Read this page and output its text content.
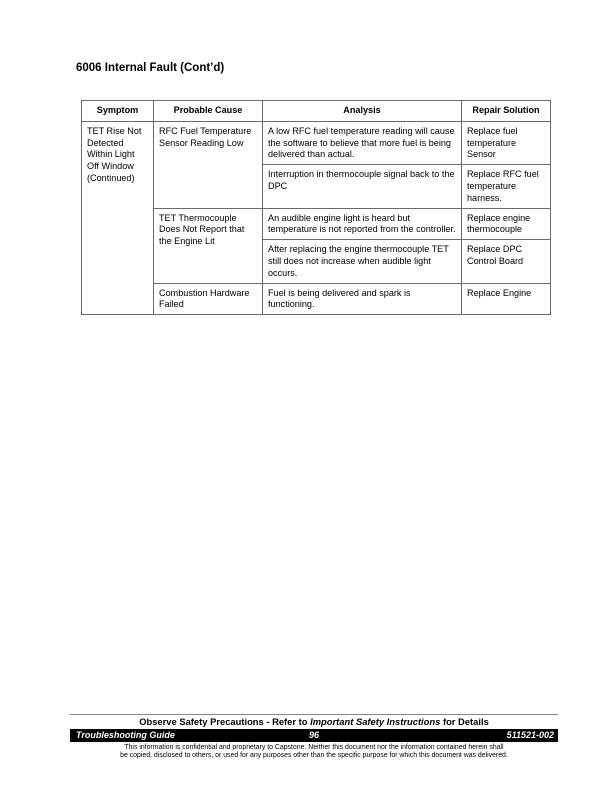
6006 Internal Fault (Cont’d)
Symptom	Probable Cause	Analysis	Repair Solution
TET Rise Not Detected Within Light Off Window (Continued)	RFC Fuel Temperature Sensor Reading Low	A low RFC fuel temperature reading will cause the software to believe that more fuel is being delivered than actual.	Replace fuel temperature Sensor
		Interruption in thermocouple signal back to the DPC	Replace RFC fuel temperature harness.
	TET Thermocouple Does Not Report that the Engine Lit	An audible engine light is heard but temperature is not reported from the controller.	Replace engine thermocouple
		After replacing the engine thermocouple TET still does not increase when audible light occurs.	Replace DPC Control Board
	Combustion Hardware Failed	Fuel is being delivered and spark is functioning.	Replace Engine
Observe Safety Precautions - Refer to Important Safety Instructions for Details
96
Troubleshooting Guide	511521-002
This information is confidential and proprietary to Capstone. Neither this document nor the information contained herein shall
be copied, disclosed to others, or used for any purposes other than the specific purpose for which this document was delivered.
